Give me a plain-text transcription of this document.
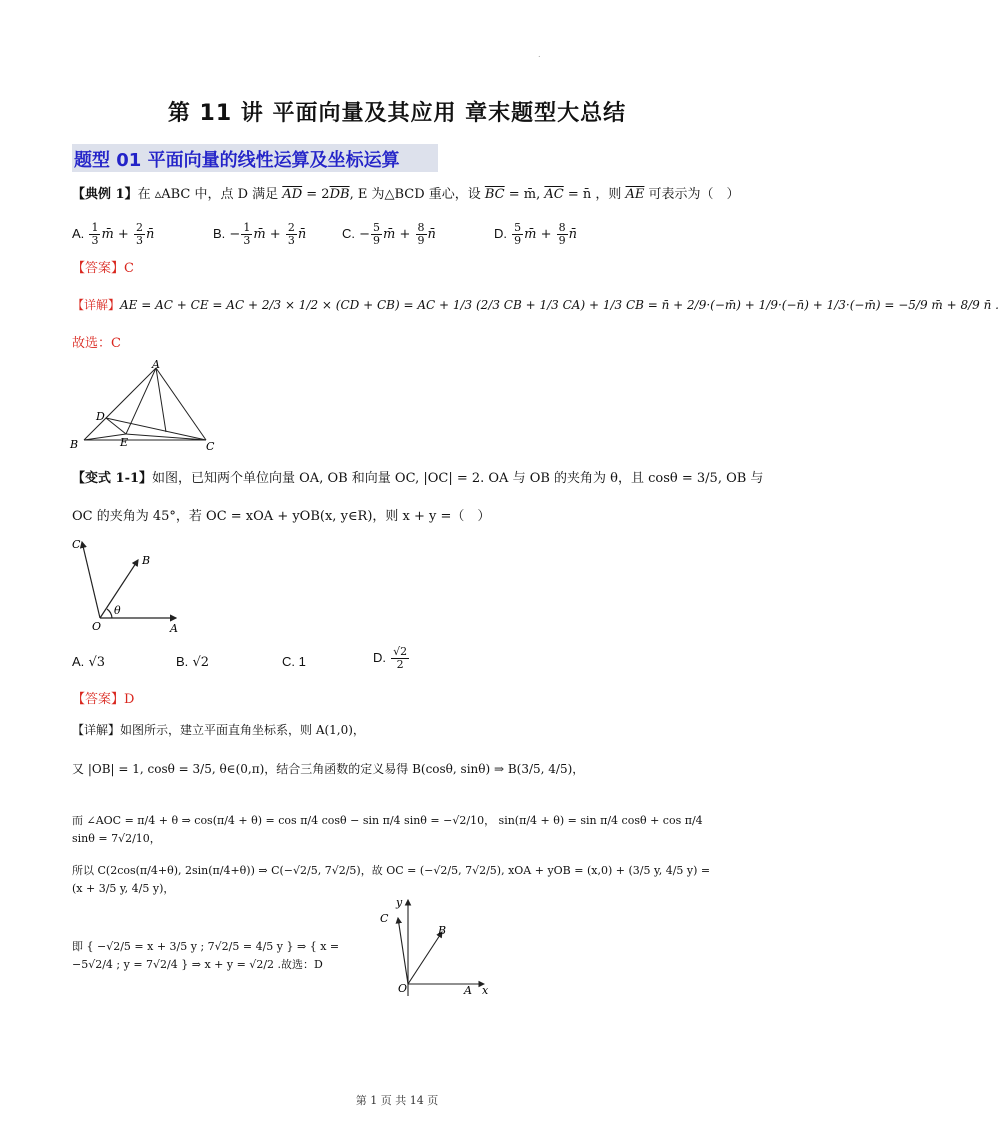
.
第 11 讲 平面向量及其应用 章末题型大总结
题型 01 平面向量的线性运算及坐标运算
【典例 1】在 ▵ABC 中，点 D 满足 $\overline{AD} = 2\overline{DB}$, E 为△BCD 重心，设 $\overline{BC}$ = m̄, $\overline{AC}$ = n̄ ，则 $\overline{AE}$ 可表示为（　）
A. $\frac{1}{3}$ m̄ + $\frac{2}{3}$ n̄	B. − $\frac{1}{3}$ m̄ + $\frac{2}{3}$ n̄	C. − $\frac{5}{9}$ m̄ + $\frac{8}{9}$ n̄	D. $\frac{5}{9}$ m̄ + $\frac{8}{9}$ n̄
【答案】C
【详解】AE = AC + CE = AC + 2/3 × 1/2 × (CD + CB) = AC + 1/3 (2/3 CB + 1/3 CA) + 1/3 CB = n̄ + 2/9·(−m̄) + 1/9·(−n̄) + 1/3·(−m̄) = −5/9 m̄ + 8/9 n̄ .
故选：C
A
B	C
D
E
【变式 1-1】如图，已知两个单位向量 OA, OB 和向量 OC, |OC| = 2. OA 与 OB 的夹角为 θ，且 cosθ = 3/5, OB 与
OC 的夹角为 45°，若 OC = xOA + yOB(x, y∈R)，则 x + y =（　）
C
B
O	A
θ
A. √3	B. √2	C. 1	D. $\frac{√2}{2}$
【答案】D
【详解】如图所示，建立平面直角坐标系，则 A(1,0)，
又 |OB| = 1, cosθ = 3/5, θ∈(0,π)，结合三角函数的定义易得 B(cosθ, sinθ) ⇒ B(3/5, 4/5)，
而 ∠AOC = π/4 + θ ⇒ cos(π/4 + θ) = cos π/4 cosθ − sin π/4 sinθ = −√2/10， sin(π/4 + θ) = sin π/4 cosθ + cos π/4 sinθ = 7√2/10，
所以 C(2cos(π/4+θ), 2sin(π/4+θ)) ⇒ C(−√2/5, 7√2/5)，故 OC = (−√2/5, 7√2/5), xOA + yOB = (x,0) + (3/5 y, 4/5 y) = (x + 3/5 y, 4/5 y)，
即 { −√2/5 = x + 3/5 y ; 7√2/5 = 4/5 y } ⇒ { x = −5√2/4 ; y = 7√2/4 } ⇒ x + y = √2/2 .故选：D
y
C
B
O	A x
第 1 页 共 14 页
